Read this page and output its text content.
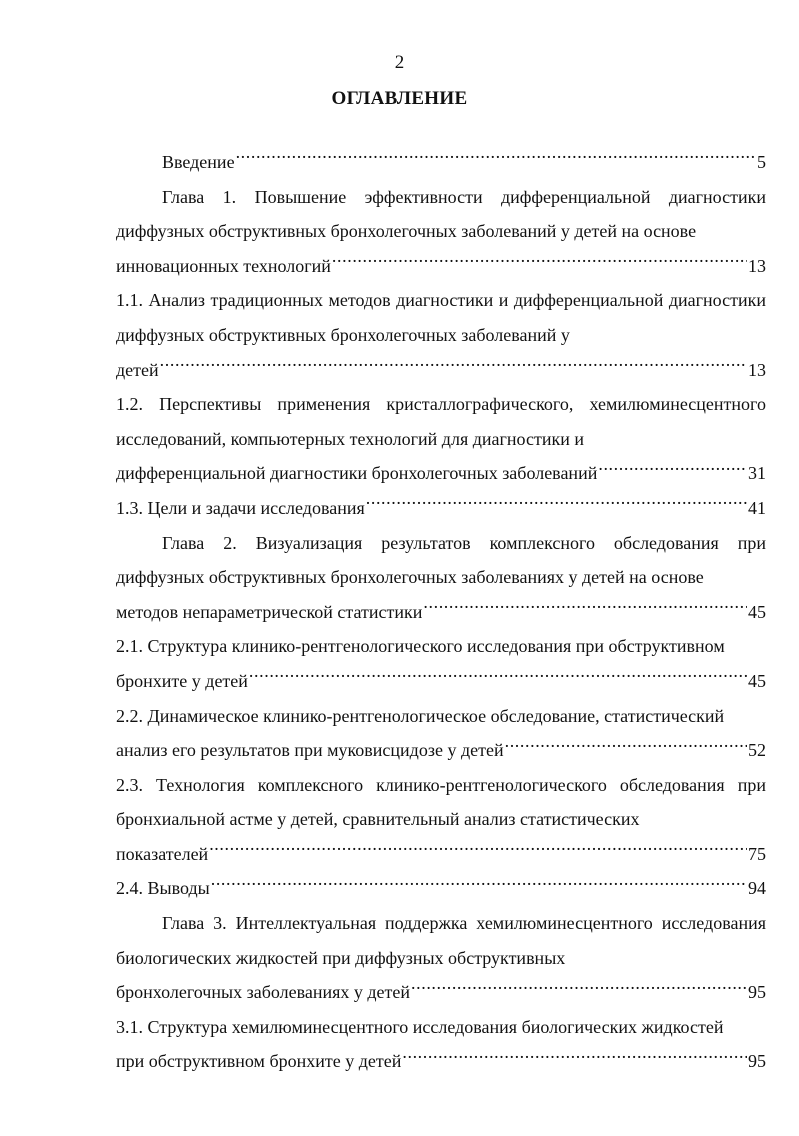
2
ОГЛАВЛЕНИЕ
Введение .....	5

Глава 1. Повышение эффективности дифференциальной диагностики диффузных обструктивных бронхолегочных заболеваний у детей на основе

инновационных технологий .....	13

1.1. Анализ традиционных методов диагностики и дифференциальной диагностики диффузных обструктивных бронхолегочных заболеваний у

детей .....	13

1.2. Перспективы применения кристаллографического, хемилюминесцентного исследований, компьютерных технологий для диагностики и

дифференциальной диагностики бронхолегочных заболеваний .....	31
1.3. Цели и задачи исследования .....	41

Глава 2. Визуализация результатов комплексного обследования при диффузных обструктивных бронхолегочных заболеваниях у детей на основе

методов непараметрической статистики .....	45

2.1. Структура клинико-рентгенологического исследования при обструктивном

бронхите у детей .....	45

2.2. Динамическое клинико-рентгенологическое обследование, статистический

анализ его результатов при муковисцидозе у детей .....	52

2.3. Технология комплексного клинико-рентгенологического обследования при бронхиальной астме у детей, сравнительный анализ статистических

показателей .....	75
2.4. Выводы .....	94

Глава 3. Интеллектуальная поддержка хемилюминесцентного исследования биологических жидкостей при диффузных обструктивных

бронхолегочных заболеваниях у детей .....	95

3.1. Структура хемилюминесцентного исследования биологических жидкостей

при обструктивном бронхите у детей .....	95
